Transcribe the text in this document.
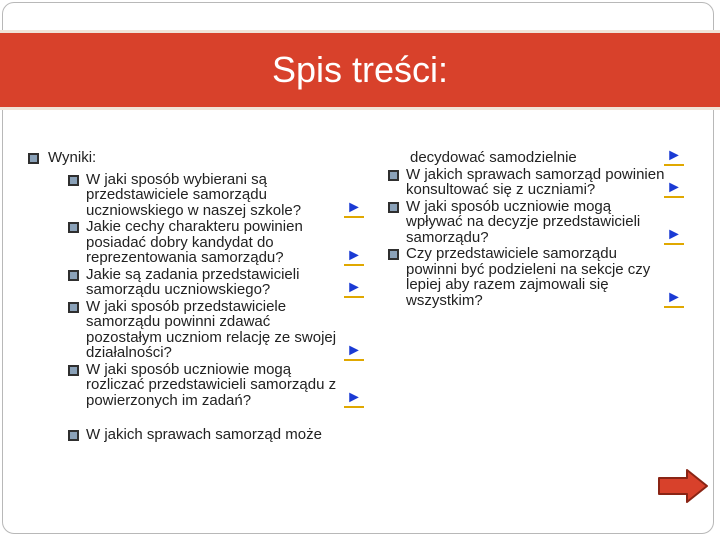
Spis treści:
Wyniki:
W jaki sposób wybierani są przedstawiciele samorządu uczniowskiego w naszej szkole?	►
Jakie cechy charakteru powinien posiadać dobry kandydat do reprezentowania samorządu?	►
Jakie są zadania przedstawicieli samorządu uczniowskiego?	►
W jaki sposób przedstawiciele samorządu powinni zdawać pozostałym uczniom relację ze swojej działalności?	►
W jaki sposób uczniowie mogą rozliczać przedstawicieli samorządu z powierzonych im zadań?	►
W jakich sprawach samorząd może
decydować samodzielnie	►
W jakich sprawach samorząd powinien konsultować się z uczniami?	►
W jaki sposób uczniowie mogą wpływać na decyzje przedstawicieli samorządu?	►
Czy przedstawiciele samorządu powinni być podzieleni na sekcje czy lepiej aby razem zajmowali się wszystkim?	►
